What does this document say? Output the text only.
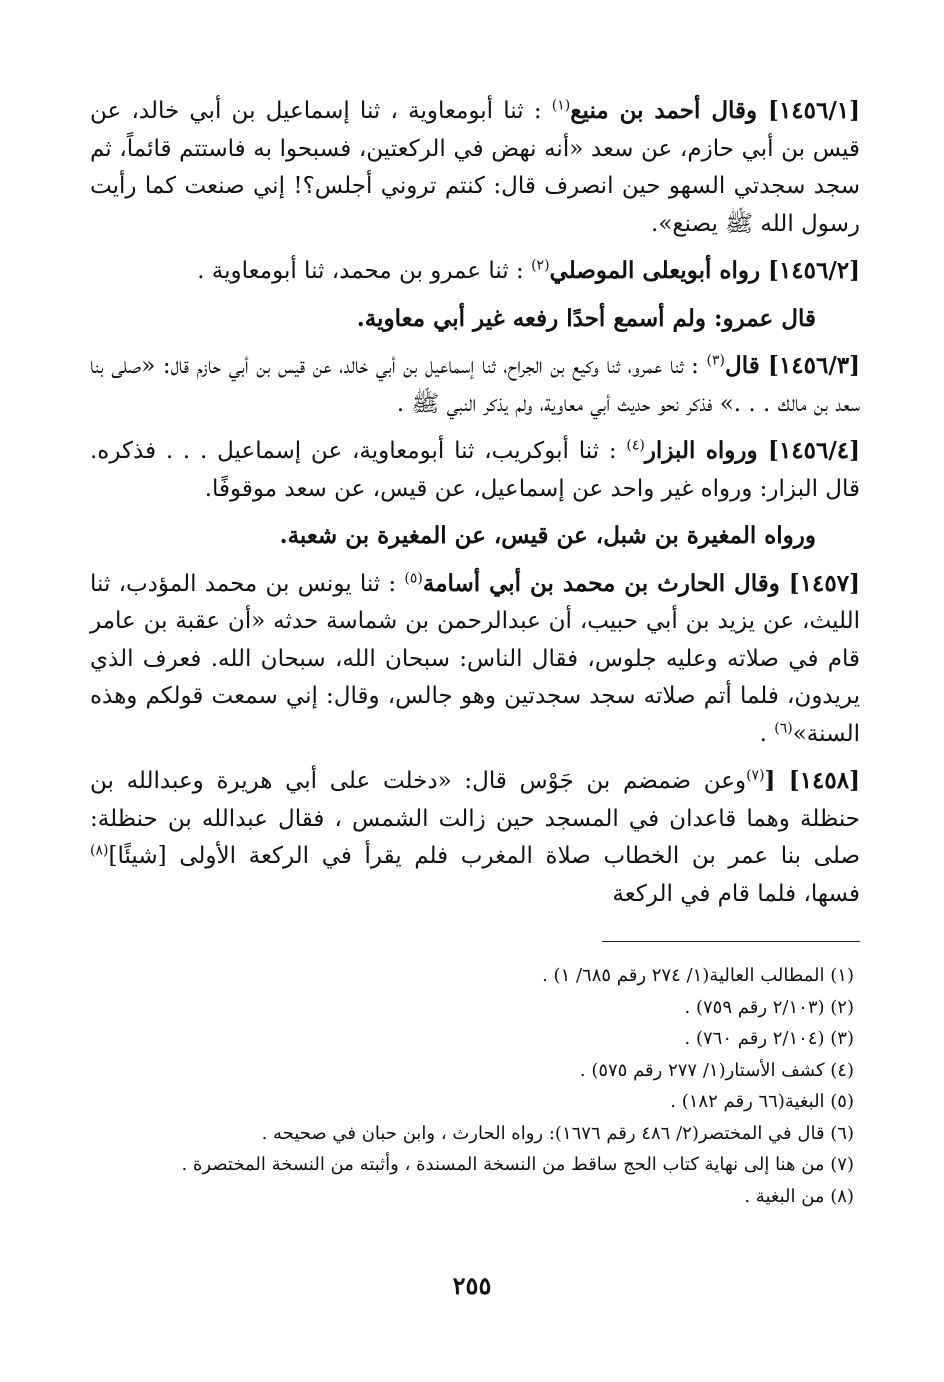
[١٤٥٦/١] وقال أحمد بن منيع$^{(١)}$ : ثنا أبومعاوية ، ثنا إسماعيل بن أبي خالد، عن قيس بن أبي حازم، عن سعد «أنه نهض في الركعتين، فسبحوا به فاستتم قائماً، ثم سجد سجدتي السهو حين انصرف قال: كنتم تروني أجلس؟! إني صنعت كما رأيت رسول الله ﷺ يصنع».

[١٤٥٦/٢] رواه أبويعلى الموصلي$^{(٢)}$ : ثنا عمرو بن محمد، ثنا أبومعاوية .

قال عمرو: ولم أسمع أحدًا رفعه غير أبي معاوية.

[١٤٥٦/٣] قال$^{(٣)}$ : ثنا عمرو، ثنا وكيع بن الجراح، ثنا إسماعيل بن أبي خالد، عن قيس بن أبي حازم قال: «صلى بنا سعد بن مالك . . .» فذكر نحو حديث أبي معاوية، ولم يذكر النبي ﷺ .

[١٤٥٦/٤] ورواه البزار$^{(٤)}$ : ثنا أبوكريب، ثنا أبومعاوية، عن إسماعيل . . . فذكره. قال البزار: ورواه غير واحد عن إسماعيل، عن قيس، عن سعد موقوفًا.

ورواه المغيرة بن شبل، عن قيس، عن المغيرة بن شعبة.

[١٤٥٧] وقال الحارث بن محمد بن أبي أسامة$^{(٥)}$ : ثنا يونس بن محمد المؤدب، ثنا الليث، عن يزيد بن أبي حبيب، أن عبدالرحمن بن شماسة حدثه «أن عقبة بن عامر قام في صلاته وعليه جلوس، فقال الناس: سبحان الله، سبحان الله. فعرف الذي يريدون، فلما أتم صلاته سجد سجدتين وهو جالس، وقال: إني سمعت قولكم وهذه السنة»$^{(٦)}$ .

[١٤٥٨] [$^{(٧)}$وعن ضمضم بن جَوْس قال: «دخلت على أبي هريرة وعبدالله بن حنظلة وهما قاعدان في المسجد حين زالت الشمس ، فقال عبدالله بن حنظلة: صلى بنا عمر بن الخطاب صلاة المغرب فلم يقرأ في الركعة الأولى [شيئًا]$^{(٨)}$ فسها، فلما قام في الركعة

(١) المطالب العالية(١/ ٢٧٤ رقم ٦٨٥/ ١) .

(٢) (٢/١٠٣ رقم ٧٥٩) .

(٣) (٢/١٠٤ رقم ٧٦٠) .

(٤) كشف الأستار(١/ ٢٧٧ رقم ٥٧٥) .

(٥) البغية(٦٦ رقم ١٨٢) .

(٦) قال في المختصر(٢/ ٤٨٦ رقم ١٦٧٦): رواه الحارث ، وابن حبان في صحيحه .

(٧) من هنا إلى نهاية كتاب الحج ساقط من النسخة المسندة ، وأثبته من النسخة المختصرة .

(٨) من البغية .

٢٥٥
